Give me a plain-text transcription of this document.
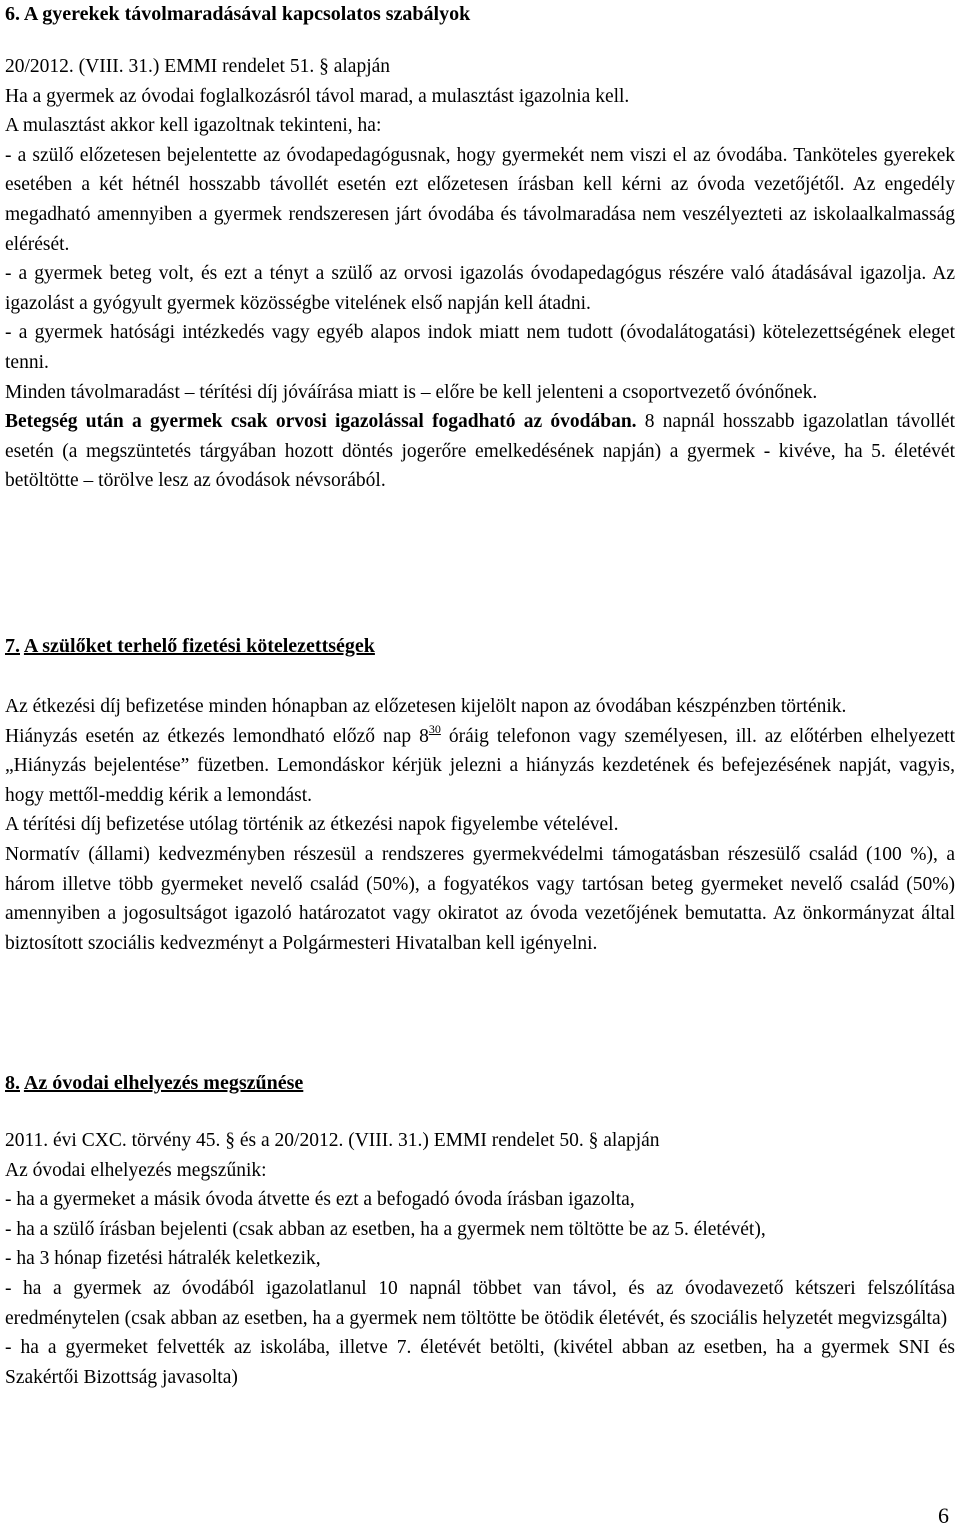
6. A gyerekek távolmaradásával kapcsolatos szabályok

20/2012. (VIII. 31.) EMMI rendelet 51. § alapján

Ha a gyermek az óvodai foglalkozásról távol marad, a mulasztást igazolnia kell.

A mulasztást akkor kell igazoltnak tekinteni, ha:

- a szülő előzetesen bejelentette az óvodapedagógusnak, hogy gyermekét nem viszi el az óvodába. Tanköteles gyerekek esetében a két hétnél hosszabb távollét esetén ezt előzetesen írásban kell kérni az óvoda vezetőjétől. Az engedély megadható amennyiben a gyermek rendszeresen járt óvodába és távolmaradása nem veszélyezteti az iskolaalkalmasság elérését.

- a gyermek beteg volt, és ezt a tényt a szülő az orvosi igazolás óvodapedagógus részére való átadásával igazolja. Az igazolást a gyógyult gyermek közösségbe vitelének első napján kell átadni.

- a gyermek hatósági intézkedés vagy egyéb alapos indok miatt nem tudott (óvodalátogatási) kötelezettségének eleget tenni.

Minden távolmaradást – térítési díj jóváírása miatt is – előre be kell jelenteni a csoportvezető óvónőnek.

Betegség után a gyermek csak orvosi igazolással fogadható az óvodában. 8 napnál hosszabb igazolatlan távollét esetén (a megszüntetés tárgyában hozott döntés jogerőre emelkedésének napján) a gyermek - kivéve, ha 5. életévét betöltötte – törölve lesz az óvodások névsorából.

7. A szülőket terhelő fizetési kötelezettségek

Az étkezési díj befizetése minden hónapban az előzetesen kijelölt napon az óvodában készpénzben történik.

Hiányzás esetén az étkezés lemondható előző nap $8^{30}$ óráig telefonon vagy személyesen, ill. az előtérben elhelyezett „Hiányzás bejelentése” füzetben. Lemondáskor kérjük jelezni a hiányzás kezdetének és befejezésének napját, vagyis, hogy mettől-meddig kérik a lemondást.

A térítési díj befizetése utólag történik az étkezési napok figyelembe vételével.

Normatív (állami) kedvezményben részesül a rendszeres gyermekvédelmi támogatásban részesülő család (100 %), a három illetve több gyermeket nevelő család (50%), a fogyatékos vagy tartósan beteg gyermeket nevelő család (50%) amennyiben a jogosultságot igazoló határozatot vagy okiratot az óvoda vezetőjének bemutatta. Az önkormányzat által biztosított szociális kedvezményt a Polgármesteri Hivatalban kell igényelni.

8. Az óvodai elhelyezés megszűnése

2011. évi CXC. törvény 45. § és a 20/2012. (VIII. 31.) EMMI rendelet 50. § alapján

Az óvodai elhelyezés megszűnik:

- ha a gyermeket a másik óvoda átvette és ezt a befogadó óvoda írásban igazolta,

- ha a szülő írásban bejelenti (csak abban az esetben, ha a gyermek nem töltötte be az 5. életévét),

- ha 3 hónap fizetési hátralék keletkezik,

- ha a gyermek az óvodából igazolatlanul 10 napnál többet van távol, és az óvodavezető kétszeri felszólítása eredménytelen (csak abban az esetben, ha a gyermek nem töltötte be ötödik életévét, és szociális helyzetét megvizsgálta)

- ha a gyermeket felvették az iskolába, illetve 7. életévét betölti, (kivétel abban az esetben, ha a gyermek SNI és Szakértői Bizottság javasolta)

6
